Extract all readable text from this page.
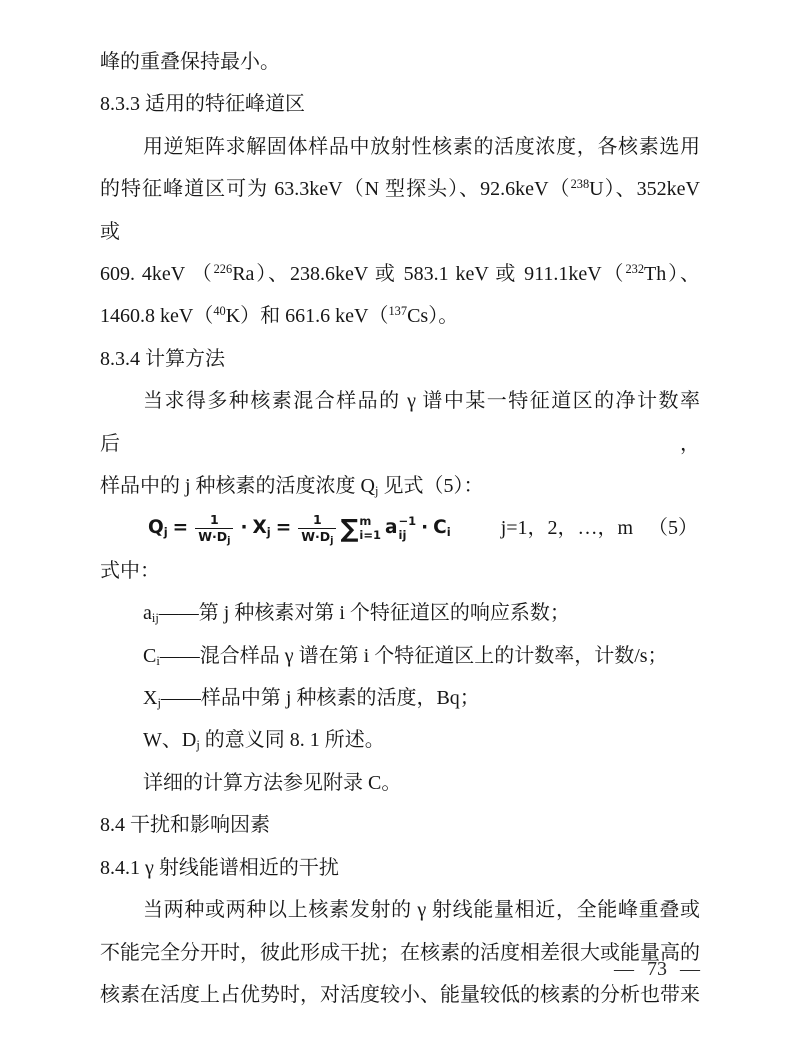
峰的重叠保持最小。
8.3.3 适用的特征峰道区
用逆矩阵求解固体样品中放射性核素的活度浓度，各核素选用
的特征峰道区可为 63.3keV（N 型探头）、92.6keV（$^{238}$U）、352keV 或
609. 4keV （$^{226}$Ra）、238.6keV 或 583.1 keV 或 911.1keV（$^{232}$Th）、
1460.8 keV（$^{40}$K）和 661.6 keV（$^{137}$Cs）。
8.3.4 计算方法
当求得多种核素混合样品的 γ 谱中某一特征道区的净计数率后，
样品中的 j 种核素的活度浓度 $Q_j$ 见式（5）：
$Q_j = \frac{1}{W\cdot D_j} \cdot X_j = \frac{1}{W\cdot D_j}$ ∑ m
i=1 a −1
ij · $C_i$	j=1，2，…，m （5）
式中：
$a_{ij}——$第 j 种核素对第 i 个特征道区的响应系数；
$C_i——$混合样品 γ 谱在第 i 个特征道区上的计数率，计数/s；
$X_j——$样品中第 j 种核素的活度，Bq；
W、$D_j$ 的意义同 8. 1 所述。
详细的计算方法参见附录 C。
8.4 干扰和影响因素
8.4.1 γ 射线能谱相近的干扰
当两种或两种以上核素发射的 γ 射线能量相近，全能峰重叠或
不能完全分开时，彼此形成干扰；在核素的活度相差很大或能量高的
核素在活度上占优势时，对活度较小、能量较低的核素的分析也带来
— 73 —
